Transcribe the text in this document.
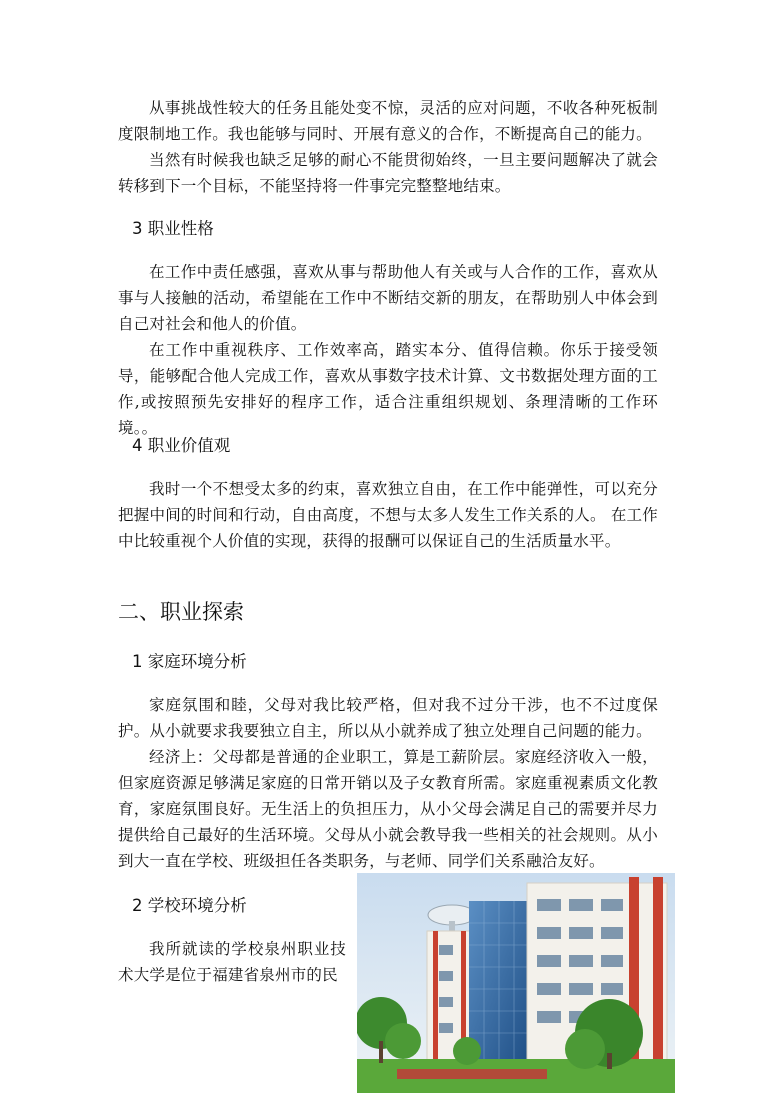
从事挑战性较大的任务且能处变不惊，灵活的应对问题，不收各种死板制度限制地工作。我也能够与同时、开展有意义的合作，不断提高自己的能力。

当然有时候我也缺乏足够的耐心不能贯彻始终，一旦主要问题解决了就会转移到下一个目标，不能坚持将一件事完完整整地结束。

3 职业性格

在工作中责任感强，喜欢从事与帮助他人有关或与人合作的工作，喜欢从事与人接触的活动，希望能在工作中不断结交新的朋友，在帮助别人中体会到自己对社会和他人的价值。

在工作中重视秩序、工作效率高，踏实本分、值得信赖。你乐于接受领导，能够配合他人完成工作，喜欢从事数字技术计算、文书数据处理方面的工作,或按照预先安排好的程序工作，适合注重组织规划、条理清晰的工作环境。。

4 职业价值观

我时一个不想受太多的约束，喜欢独立自由，在工作中能弹性，可以充分把握中间的时间和行动，自由高度，不想与太多人发生工作关系的人。 在工作中比较重视个人价值的实现，获得的报酬可以保证自己的生活质量水平。

二、职业探索
1 家庭环境分析

家庭氛围和睦，父母对我比较严格，但对我不过分干涉，也不不过度保护。从小就要求我要独立自主，所以从小就养成了独立处理自己问题的能力。

经济上：父母都是普通的企业职工，算是工薪阶层。家庭经济收入一般，但家庭资源足够满足家庭的日常开销以及子女教育所需。家庭重视素质文化教育，家庭氛围良好。无生活上的负担压力，从小父母会满足自己的需要并尽力提供给自己最好的生活环境。父母从小就会教导我一些相关的社会规则。从小到大一直在学校、班级担任各类职务，与老师、同学们关系融洽友好。

2 学校环境分析

我所就读的学校泉州职业技术大学是位于福建省泉州市的民
